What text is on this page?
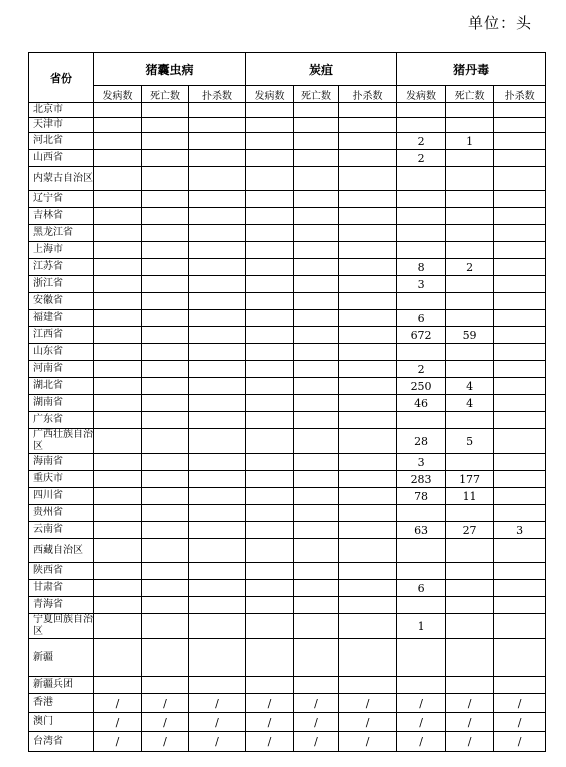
单位：头
省份	猪囊虫病			炭疽			猪丹毒		
	发病数	死亡数	扑杀数	发病数	死亡数	扑杀数	发病数	死亡数	扑杀数
北京市									
天津市									
河北省							2	1	
山西省							2		
内蒙古自治区									
辽宁省									
吉林省									
黑龙江省									
上海市									
江苏省							8	2	
浙江省							3		
安徽省									
福建省							6		
江西省							672	59	
山东省									
河南省							2		
湖北省							250	4	
湖南省							46	4	
广东省									
广西壮族自治区							28	5	
海南省							3		
重庆市							283	177	
四川省							78	11	
贵州省									
云南省							63	27	3
西藏自治区									
陕西省									
甘肃省							6		
青海省									
宁夏回族自治区							1		
新疆									
新疆兵团									
香港	/	/	/	/	/	/	/	/	/
澳门	/	/	/	/	/	/	/	/	/
台湾省	/	/	/	/	/	/	/	/	/
